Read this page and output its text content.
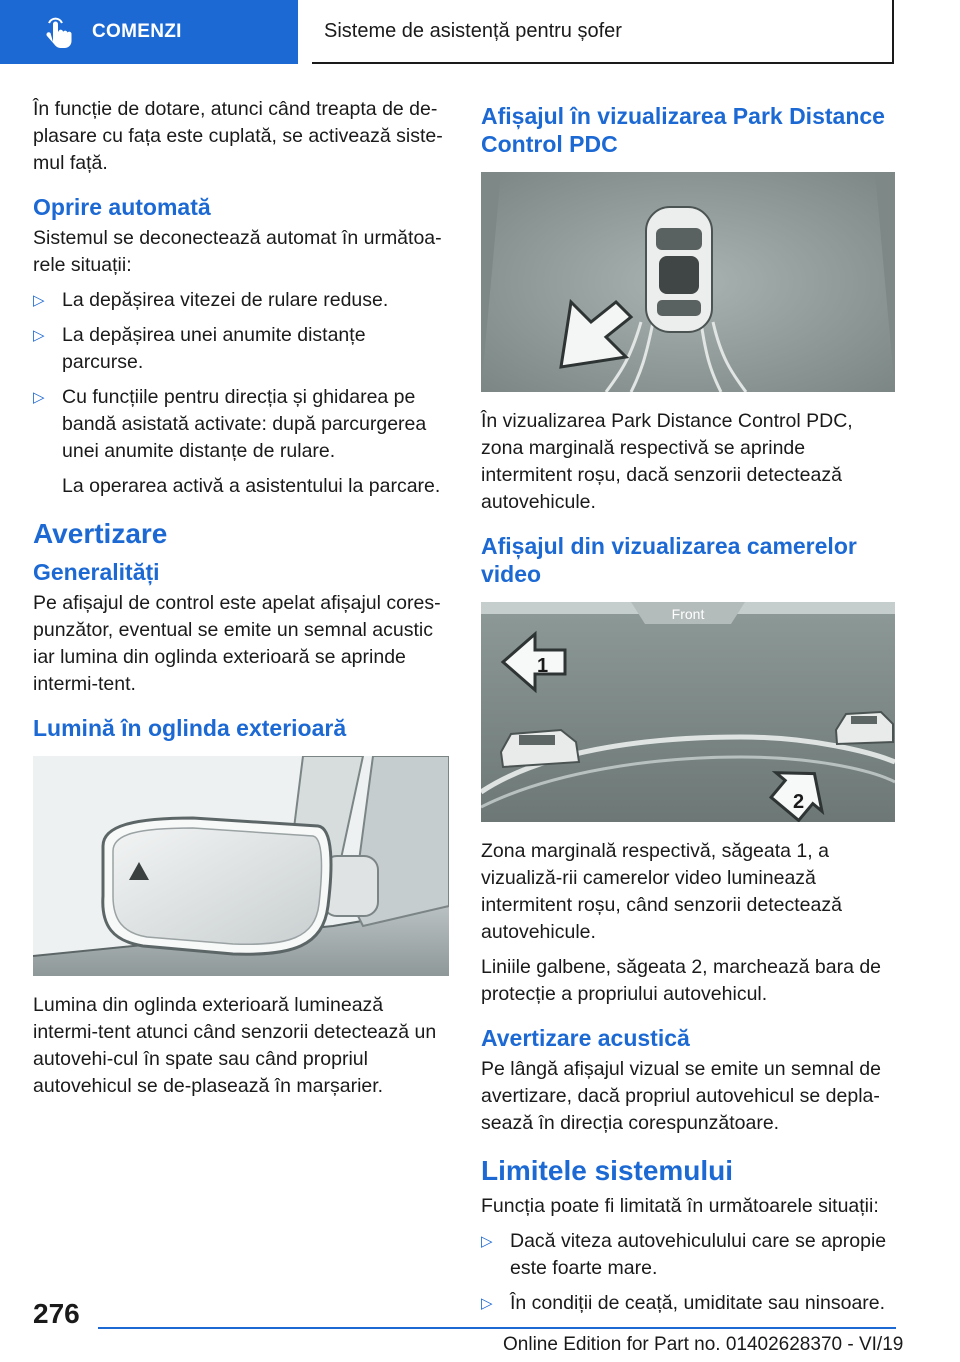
COMENZI	Sisteme de asistență pentru șofer

În funcție de dotare, atunci când treapta de de-plasare cu fața este cuplată, se activează siste-mul față.

Oprire automată

Sistemul se deconectează automat în următoa-rele situații:

▷ La depășirea vitezei de rulare reduse.
▷ La depășirea unei anumite distanțe parcurse.
▷ Cu funcțiile pentru direcția și ghidarea pe bandă asistată activate: după parcurgerea unei anumite distanțe de rulare.

La operarea activă a asistentului la parcare.

Avertizare
Generalități

Pe afișajul de control este apelat afișajul cores-punzător, eventual se emite un semnal acustic iar lumina din oglinda exterioară se aprinde intermi-tent.

Lumină în oglinda exterioară

Lumina din oglinda exterioară luminează intermi-tent atunci când senzorii detectează un autovehi-cul în spate sau când propriul autovehicul se de-plasează în marșarier.

Afișajul în vizualizarea Park Distance Control PDC

În vizualizarea Park Distance Control PDC, zona marginală respectivă se aprinde intermitent roșu, dacă senzorii detectează autovehicule.

Afișajul din vizualizarea camerelor video
Front
1
2

Zona marginală respectivă, săgeata 1, a vizualiză-rii camerelor video luminează intermitent roșu, când senzorii detectează autovehicule.

Liniile galbene, săgeata 2, marchează bara de protecție a propriului autovehicul.

Avertizare acustică

Pe lângă afișajul vizual se emite un semnal de avertizare, dacă propriul autovehicul se depla-sează în direcția corespunzătoare.

Limitele sistemului

Funcția poate fi limitată în următoarele situații:

▷ Dacă viteza autovehiculului care se apropie este foarte mare.
▷ În condiții de ceață, umiditate sau ninsoare.
276
Online Edition for Part no. 01402628370 - VI/19
